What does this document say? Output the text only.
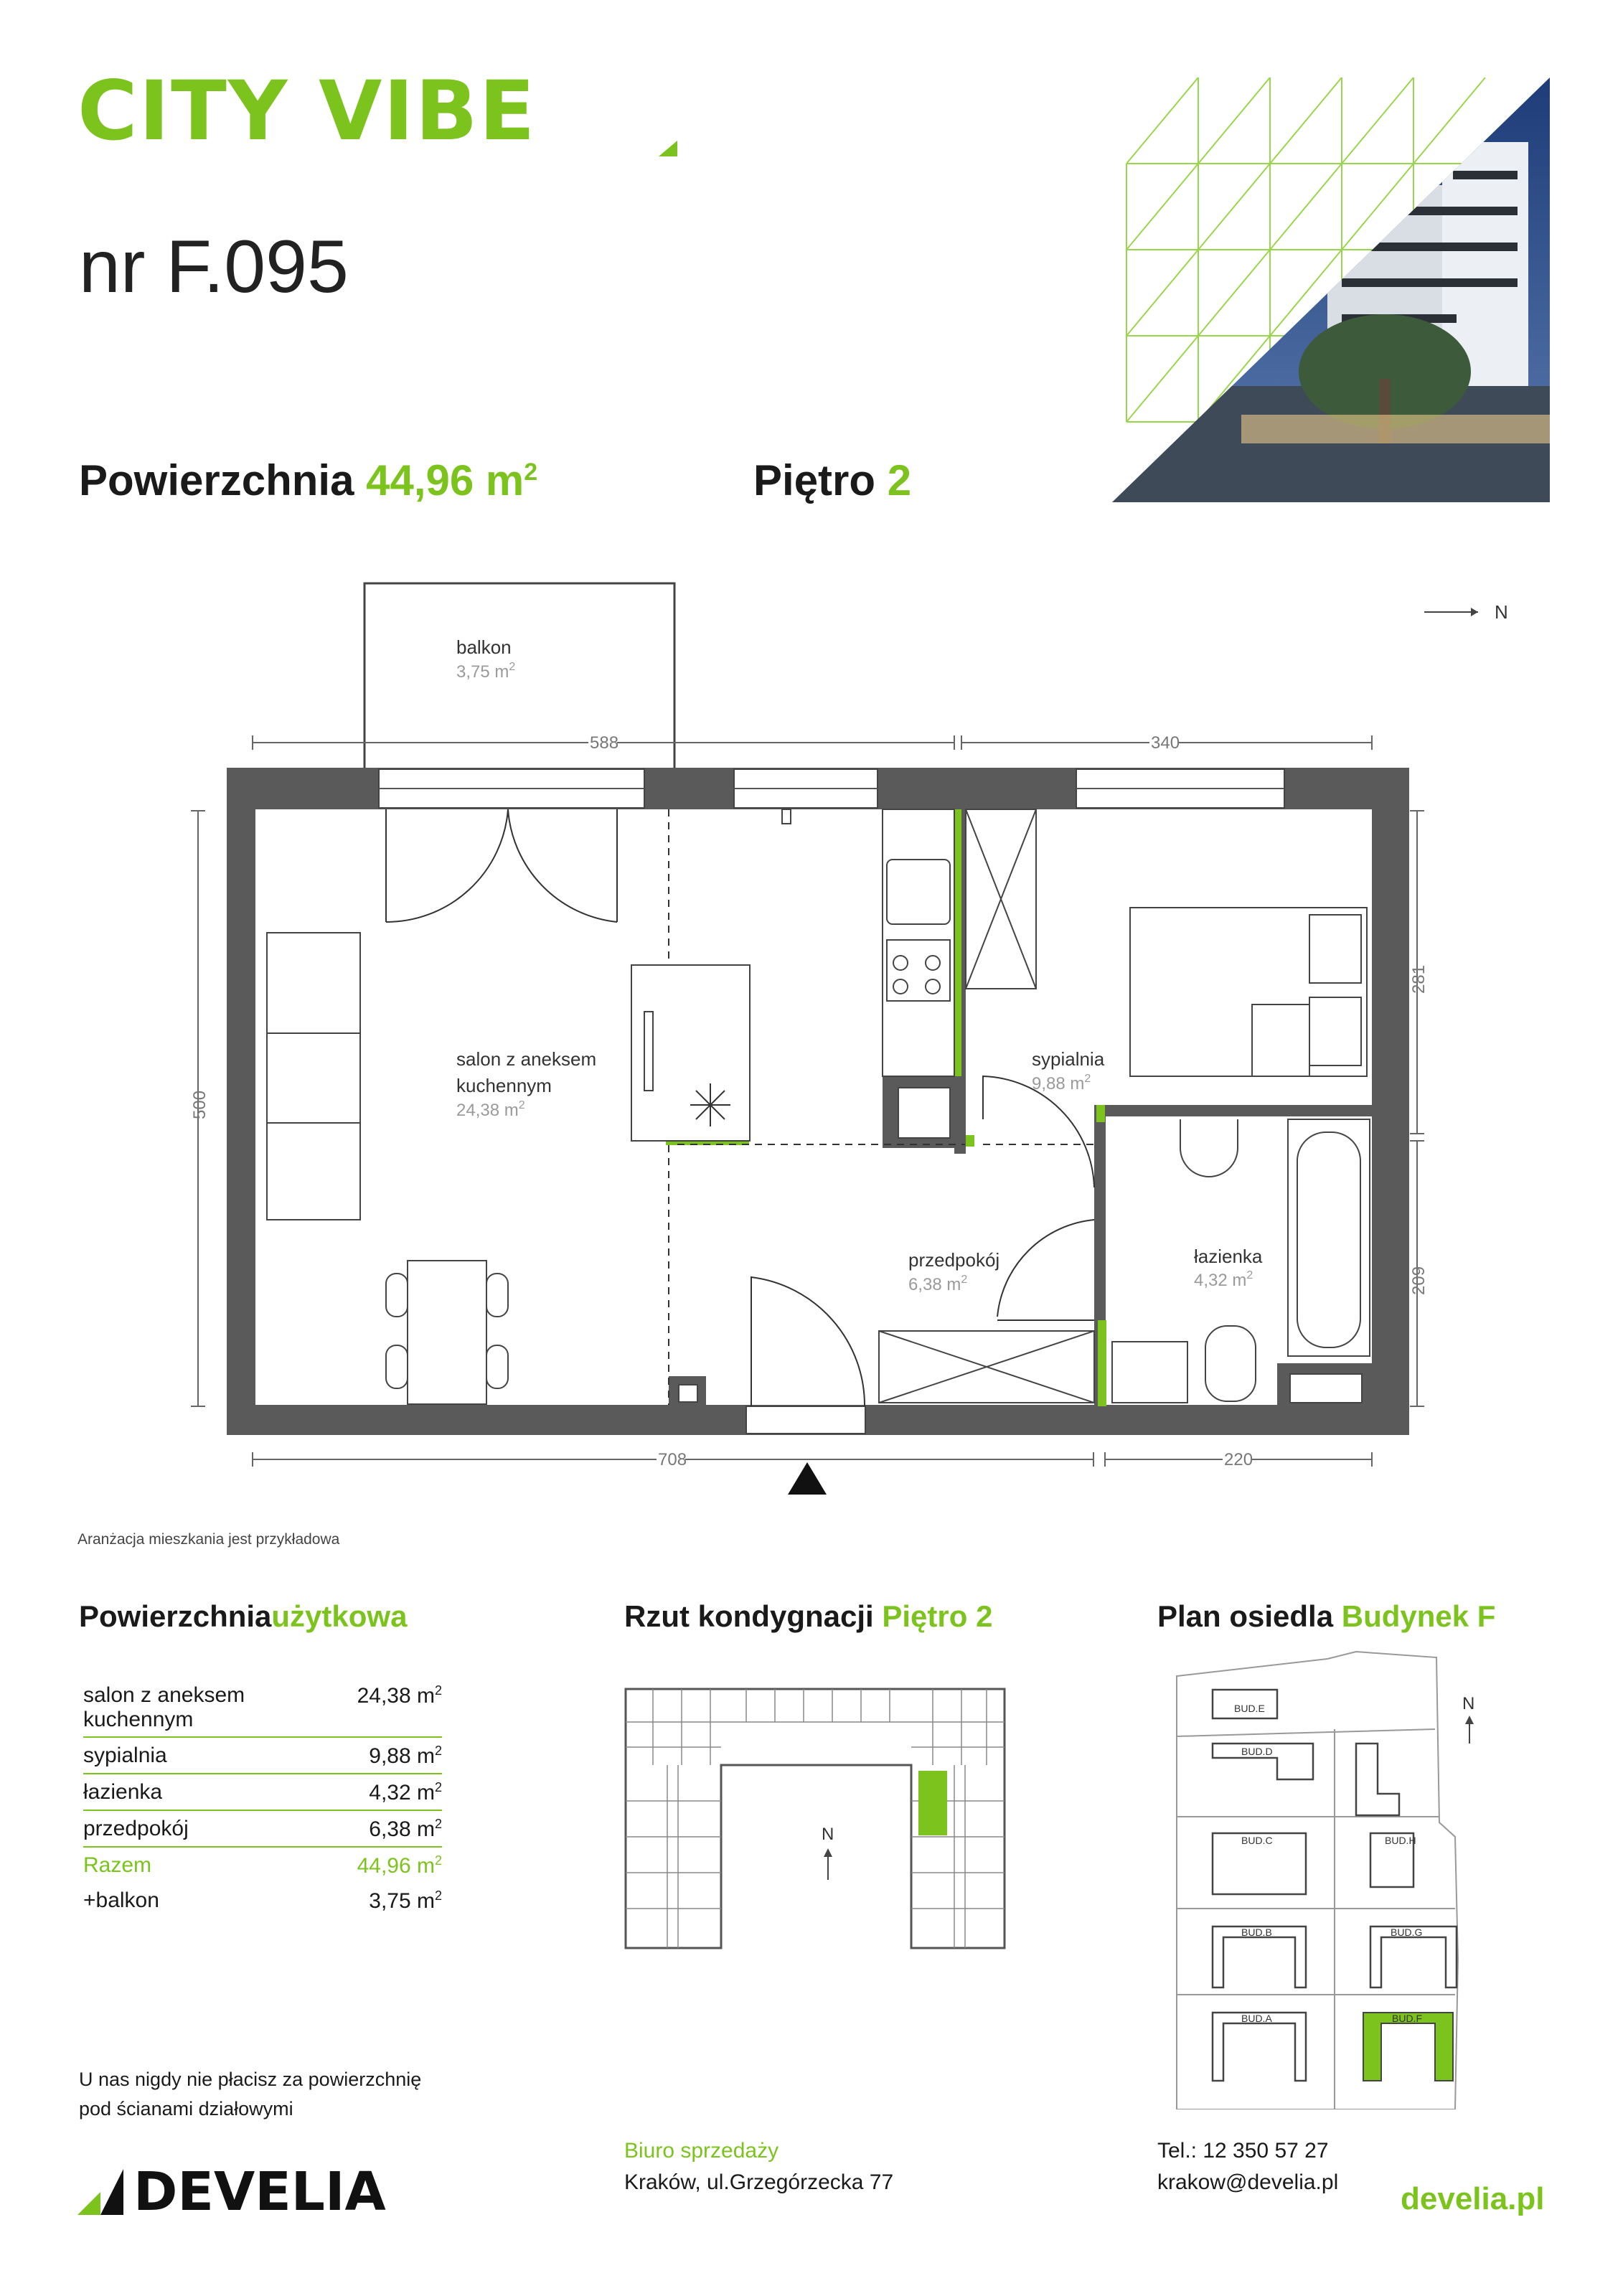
CITY VIBE
nr F.095
Powierzchnia 44,96 $m^2$	Piętro 2
N
588	340
708	220
500
281
209
balkon
3,75 $m^2$
salon z aneksem
kuchennym
24,38 $m^2$
sypialnia
9,88 $m^2$
przedpokój
6,38 $m^2$
łazienka
4,32 $m^2$
Aranżacja mieszkania jest przykładowa
Powierzchniaużytkowa
salon z aneksem
kuchennym	24,38 $m^2$
sypialnia	9,88 $m^2$
łazienka	4,32 $m^2$
przedpokój	6,38 $m^2$
Razem	44,96 $m^2$
+balkon	3,75 $m^2$
Rzut kondygnacji Piętro 2
N
Plan osiedla Budynek F
BUD.E
BUD.D
BUD.C	BUD.H
BUD.B	BUD.G
BUD.A	BUD.F
N
U nas nigdy nie płacisz za powierzchnię
pod ścianami działowymi
DEVELIA
Biuro sprzedaży
Kraków, ul.Grzegórzecka 77
Tel.: 12 350 57 27
krakow@develia.pl develia.pl
